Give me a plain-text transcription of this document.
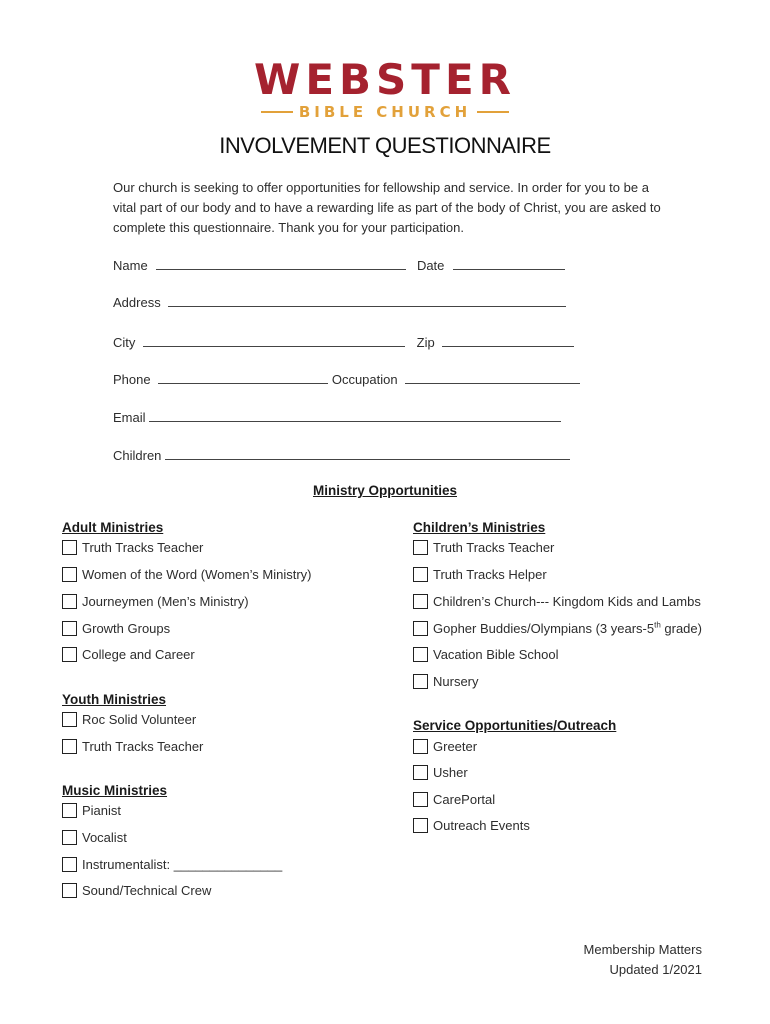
WEBSTER
BIBLE CHURCH
INVOLVEMENT QUESTIONNAIRE
Our church is seeking to offer opportunities for fellowship and service. In order for you to be a vital part of our body and to have a rewarding life as part of the body of Christ, you are asked to complete this questionnaire. Thank you for your participation.
Name	Date
Address
City	Zip
Phone	Occupation
Email
Children
Ministry Opportunities
Adult Ministries
Truth Tracks Teacher
Women of the Word (Women’s Ministry)
Journeymen (Men’s Ministry)
Growth Groups
College and Career
Youth Ministries
Roc Solid Volunteer
Truth Tracks Teacher
Music Ministries
Pianist
Vocalist
Instrumentalist: _______________
Sound/Technical Crew
Children’s Ministries
Truth Tracks Teacher
Truth Tracks Helper
Children’s Church--- Kingdom Kids and Lambs
Gopher Buddies/Olympians (3 years-5th grade)
Vacation Bible School
Nursery
Service Opportunities/Outreach
Greeter
Usher
CarePortal
Outreach Events
Membership Matters
Updated 1/2021
